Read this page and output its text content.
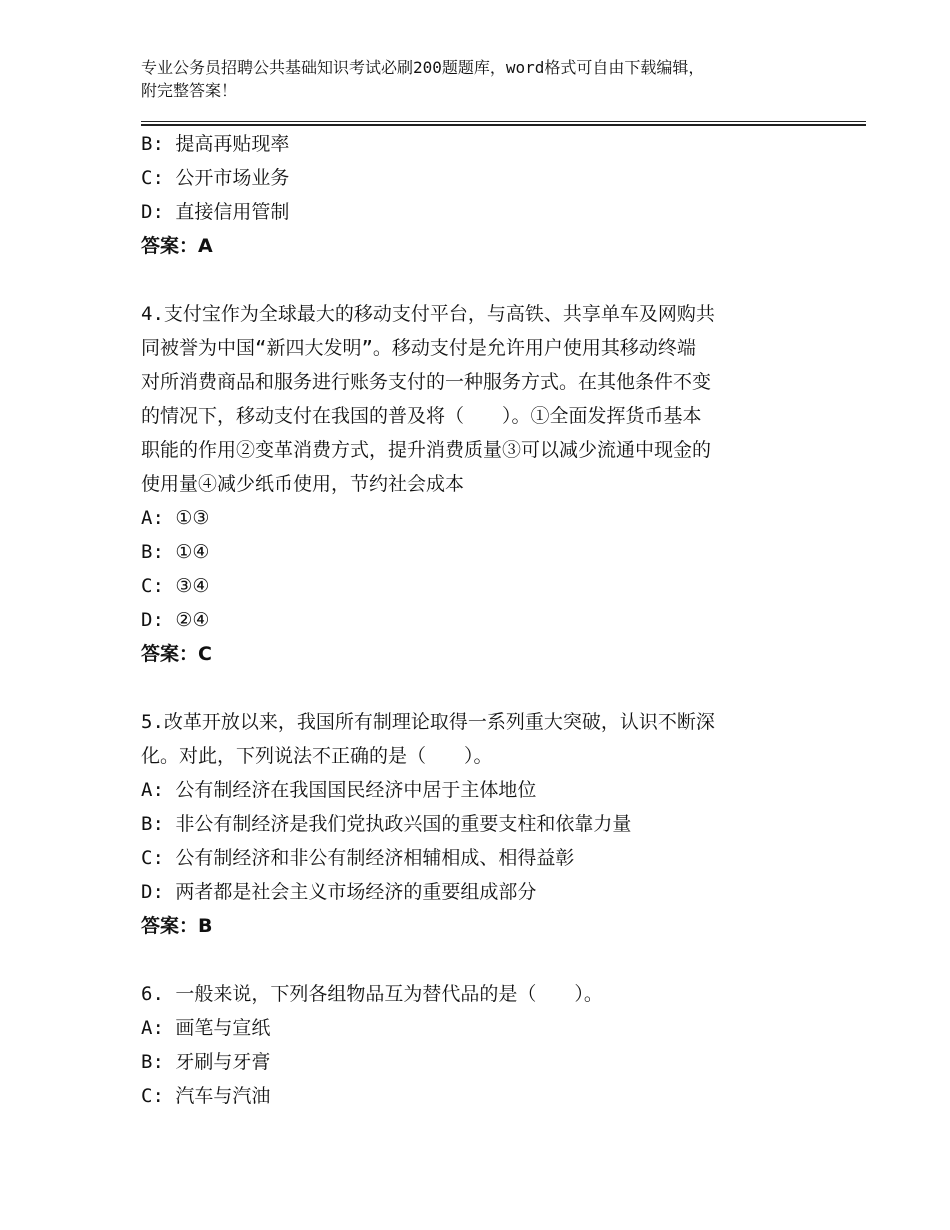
专业公务员招聘公共基础知识考试必刷200题题库，word格式可自由下载编辑，
附完整答案！
B: 提高再贴现率
C: 公开市场业务
D: 直接信用管制
答案：A
4.支付宝作为全球最大的移动支付平台，与高铁、共享单车及网购共
同被誉为中国“新四大发明”。移动支付是允许用户使用其移动终端
对所消费商品和服务进行账务支付的一种服务方式。在其他条件不变
的情况下，移动支付在我国的普及将（　　）。①全面发挥货币基本
职能的作用②变革消费方式，提升消费质量③可以减少流通中现金的
使用量④减少纸币使用，节约社会成本
A: ①③
B: ①④
C: ③④
D: ②④
答案：C
5.改革开放以来，我国所有制理论取得一系列重大突破，认识不断深
化。对此，下列说法不正确的是（　　）。
A: 公有制经济在我国国民经济中居于主体地位
B: 非公有制经济是我们党执政兴国的重要支柱和依靠力量
C: 公有制经济和非公有制经济相辅相成、相得益彰
D: 两者都是社会主义市场经济的重要组成部分
答案：B
6. 一般来说，下列各组物品互为替代品的是（　　）。
A: 画笔与宣纸
B: 牙刷与牙膏
C: 汽车与汽油
